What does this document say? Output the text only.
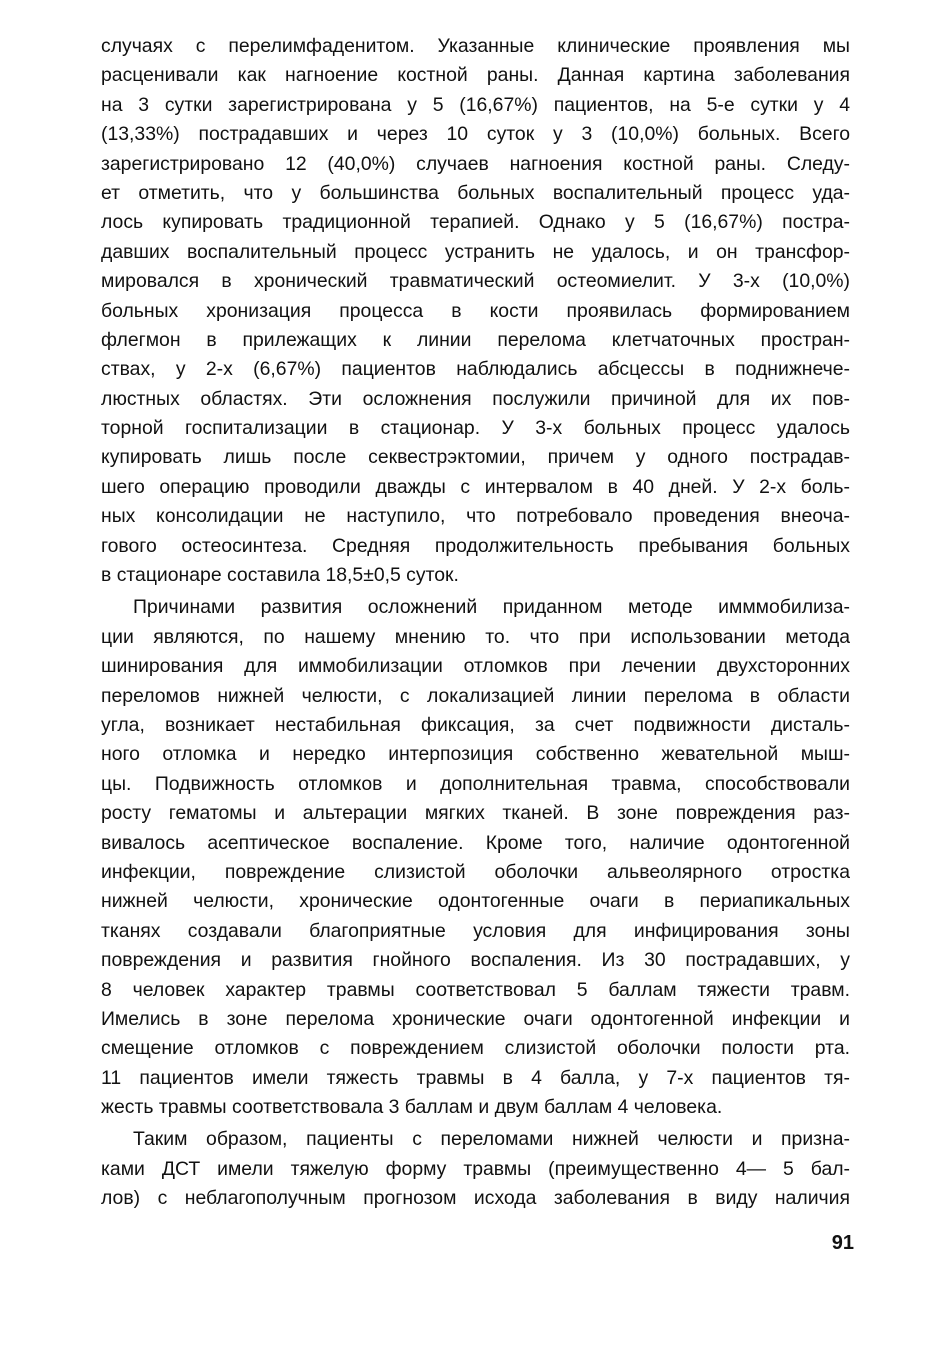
случаях с перелимфаденитом. Указанные клинические проявления мы
расценивали как нагноение костной раны. Данная картина заболевания
на 3 сутки зарегистрирована у 5 (16,67%) пациентов, на 5-е сутки у 4
(13,33%) пострадавших и через 10 суток у 3 (10,0%) больных. Всего
зарегистрировано 12 (40,0%) случаев нагноения костной раны. Следу-
ет отметить, что у большинства больных воспалительный процесс уда-
лось купировать традиционной терапией. Однако у 5 (16,67%) постра-
давших воспалительный процесс устранить не удалось, и он трансфор-
мировался в хронический травматический остеомиелит. У 3-х (10,0%)
больных хронизация процесса в кости проявилась формированием
флегмон в прилежащих к линии перелома клетчаточных простран-
ствах, у 2-х (6,67%) пациентов наблюдались абсцессы в поднижнече-
люстных областях. Эти осложнения послужили причиной для их пов-
торной госпитализации в стационар. У 3-х больных процесс удалось
купировать лишь после секвестрэктомии, причем у одного пострадав-
шего операцию проводили дважды с интервалом в 40 дней. У 2-х боль-
ных консолидации не наступило, что потребовало проведения внеоча-
гового остеосинтеза. Средняя продолжительность пребывания больных
в стационаре составила 18,5±0,5 суток.
Причинами развития осложнений приданном методе имммобилиза-
ции являются, по нашему мнению то. что при использовании метода
шинирования для иммобилизации отломков при лечении двухсторонних
переломов нижней челюсти, с локализацией линии перелома в области
угла, возникает нестабильная фиксация, за счет подвижности дисталь-
ного отломка и нередко интерпозиция собственно жевательной мыш-
цы. Подвижность отломков и дополнительная травма, способствовали
росту гематомы и альтерации мягких тканей. В зоне повреждения раз-
вивалось асептическое воспаление. Кроме того, наличие одонтогенной
инфекции, повреждение слизистой оболочки альвеолярного отростка
нижней челюсти, хронические одонтогенные очаги в периапикальных
тканях создавали благоприятные условия для инфицирования зоны
повреждения и развития гнойного воспаления. Из 30 пострадавших, у
8 человек характер травмы соответствовал 5 баллам тяжести травм.
Имелись в зоне перелома хронические очаги одонтогенной инфекции и
смещение отломков с повреждением слизистой оболочки полости рта.
11 пациентов имели тяжесть травмы в 4 балла, у 7-х пациентов тя-
жесть травмы соответствовала 3 баллам и двум баллам 4 человека.
Таким образом, пациенты с переломами нижней челюсти и призна-
ками ДСТ имели тяжелую форму травмы (преимущественно 4— 5 бал-
лов) с неблагополучным прогнозом исхода заболевания в виду наличия
91
